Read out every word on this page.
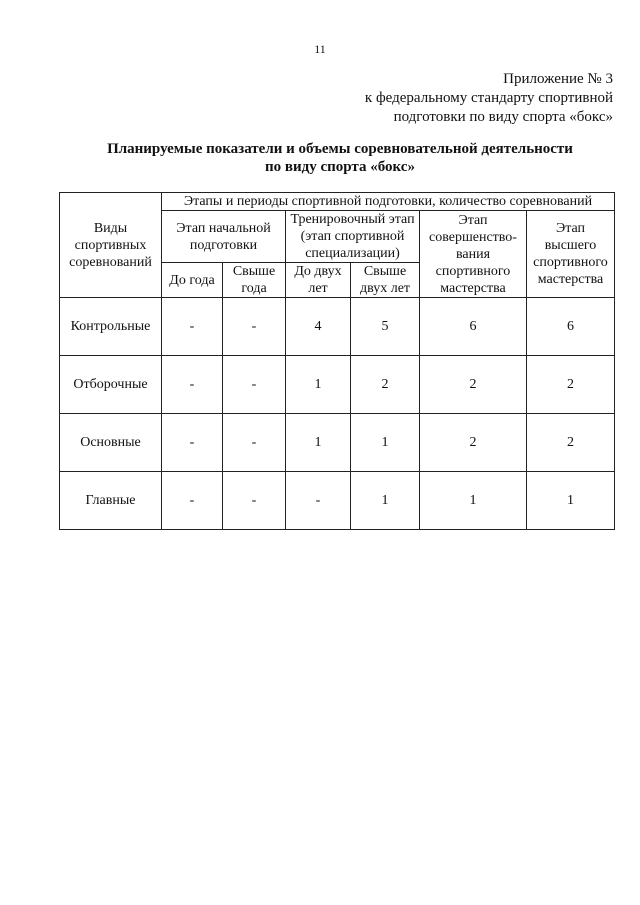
11
Приложение № 3
к федеральному стандарту спортивной
подготовки по виду спорта «бокс»
Планируемые показатели и объемы соревновательной деятельности
по виду спорта «бокс»
Виды спортивных соревнований	Этапы и периоды спортивной подготовки, количество соревнований					
	Этап начальной подготовки		Тренировочный этап (этап спортивной специализации)		Этап совершенство-вания спортивного мастерства	Этап высшего спортивного мастерства
	До года	Свыше года	До двух лет	Свыше двух лет		
Контрольные	-	-	4	5	6	6
Отборочные	-	-	1	2	2	2
Основные	-	-	1	1	2	2
Главные	-	-	-	1	1	1
